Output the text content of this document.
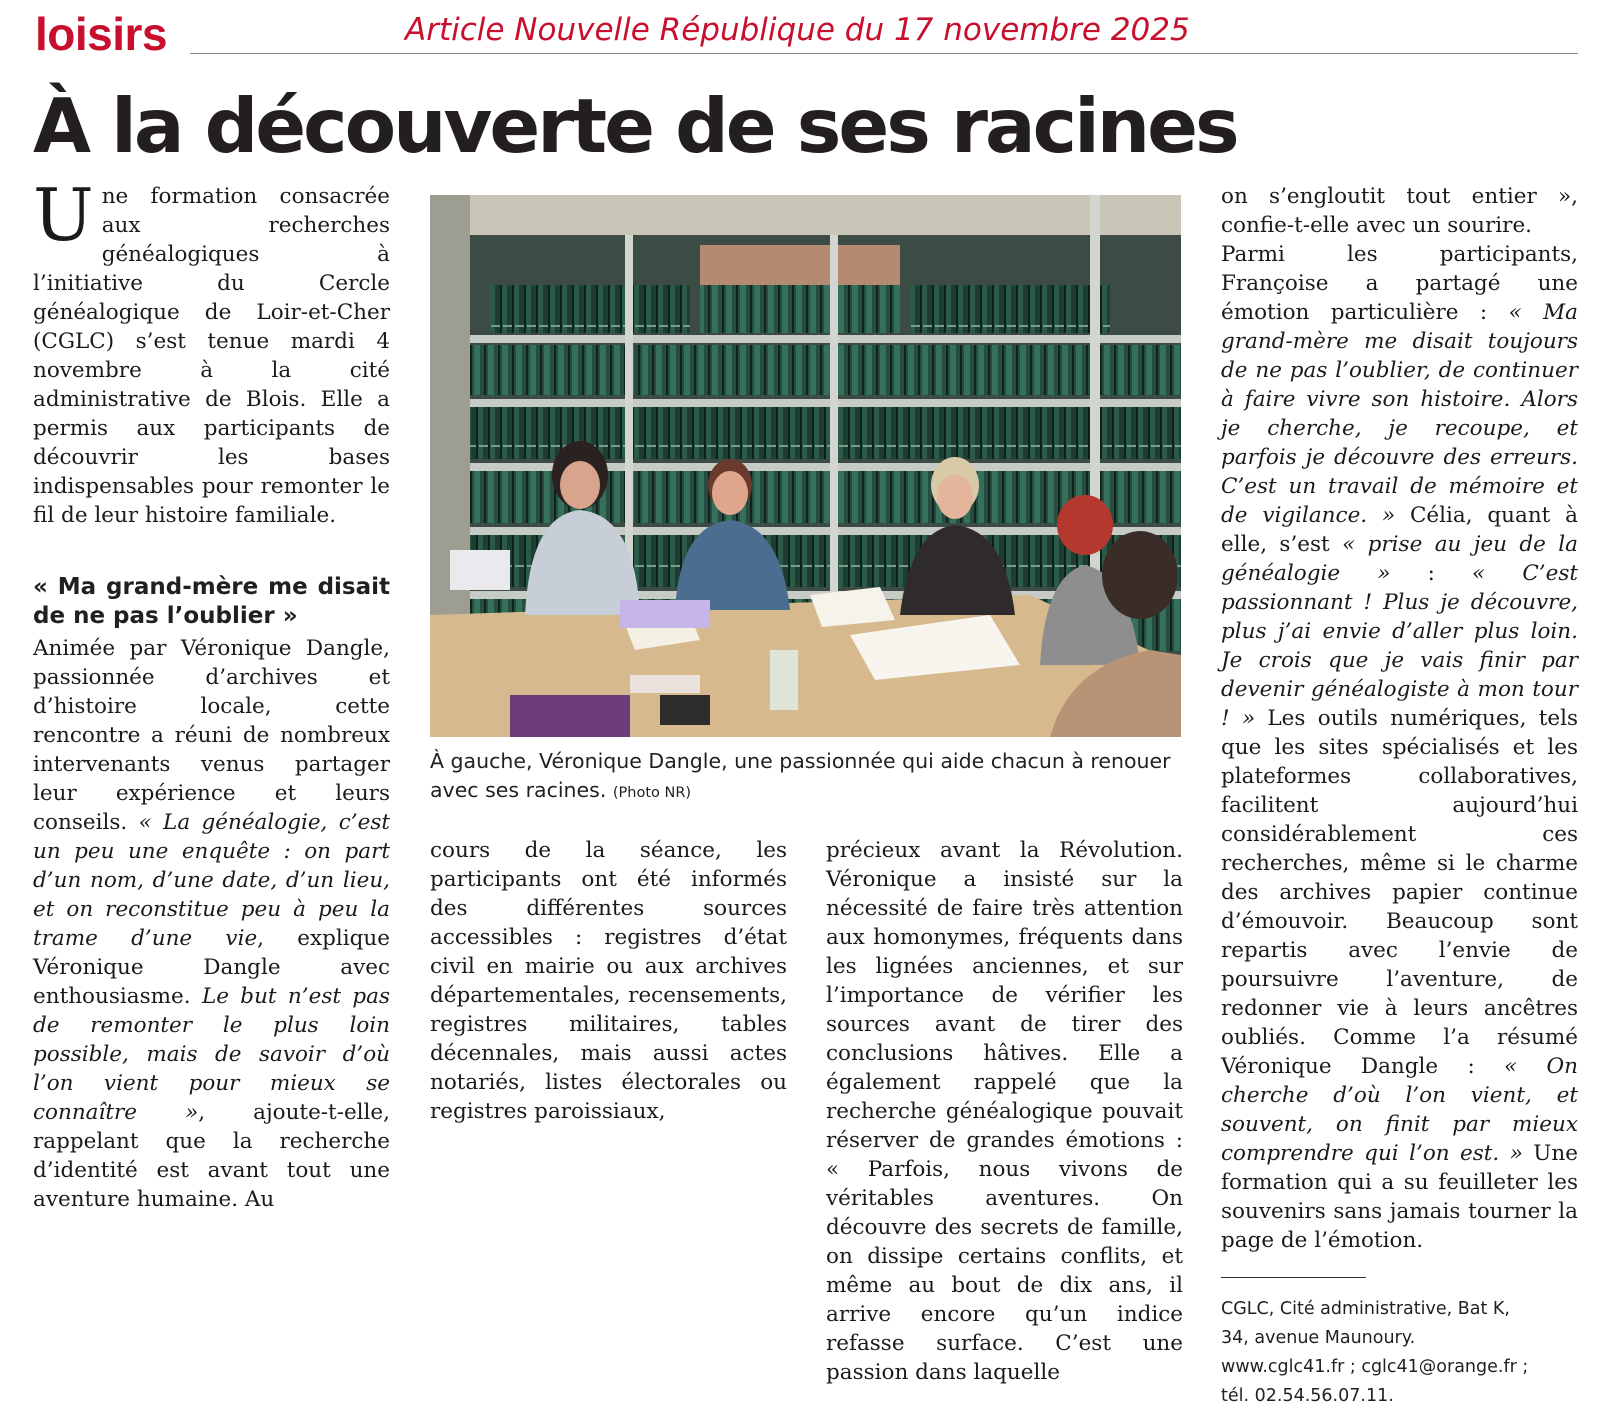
loisirs	Article Nouvelle République du 17 novembre 2025
À la découverte de ses racines

Une formation consacrée aux recherches généalogiques à l’initiative du Cercle généalogique de Loir-et-Cher (CGLC) s’est tenue mardi 4 novembre à la cité administrative de Blois. Elle a permis aux participants de découvrir les bases indispensables pour remonter le fil de leur histoire familiale.

« Ma grand-mère me disait de ne pas l’oublier »

Animée par Véronique Dangle, passionnée d’archives et d’histoire locale, cette rencontre a réuni de nombreux intervenants venus partager leur expérience et leurs conseils. « La généalogie, c’est un peu une enquête : on part d’un nom, d’une date, d’un lieu, et on reconstitue peu à peu la trame d’une vie, explique Véronique Dangle avec enthousiasme. Le but n’est pas de remonter le plus loin possible, mais de savoir d’où l’on vient pour mieux se connaître », ajoute-t-elle, rappelant que la recherche d’identité est avant tout une aventure humaine. Au

À gauche, Véronique Dangle, une passionnée qui aide chacun à renouer avec ses racines. (Photo NR)

cours de la séance, les participants ont été informés des différentes sources accessibles : registres d’état civil en mairie ou aux archives départementales, recensements, registres militaires, tables décennales, mais aussi actes notariés, listes électorales ou registres paroissiaux,

précieux avant la Révolution. Véronique a insisté sur la nécessité de faire très attention aux homonymes, fréquents dans les lignées anciennes, et sur l’importance de vérifier les sources avant de tirer des conclusions hâtives. Elle a également rappelé que la recherche généalogique pouvait réserver de grandes émotions : « Parfois, nous vivons de véritables aventures. On découvre des secrets de famille, on dissipe certains conflits, et même au bout de dix ans, il arrive encore qu’un indice refasse surface. C’est une passion dans laquelle

on s’engloutit tout entier », confie-t-elle avec un sourire.

Parmi les participants, Françoise a partagé une émotion particulière : « Ma grand-mère me disait toujours de ne pas l’oublier, de continuer à faire vivre son histoire. Alors je cherche, je recoupe, et parfois je découvre des erreurs. C’est un travail de mémoire et de vigilance. » Célia, quant à elle, s’est « prise au jeu de la généalogie » : « C’est passionnant ! Plus je découvre, plus j’ai envie d’aller plus loin. Je crois que je vais finir par devenir généalogiste à mon tour ! » Les outils numériques, tels que les sites spécialisés et les plateformes collaboratives, facilitent aujourd’hui considérablement ces recherches, même si le charme des archives papier continue d’émouvoir. Beaucoup sont repartis avec l’envie de poursuivre l’aventure, de redonner vie à leurs ancêtres oubliés. Comme l’a résumé Véronique Dangle : « On cherche d’où l’on vient, et souvent, on finit par mieux comprendre qui l’on est. » Une formation qui a su feuilleter les souvenirs sans jamais tourner la page de l’émotion.

CGLC, Cité administrative, Bat K,
34, avenue Maunoury.
www.cglc41.fr ; cglc41@orange.fr ;
tél. 02.54.56.07.11.
